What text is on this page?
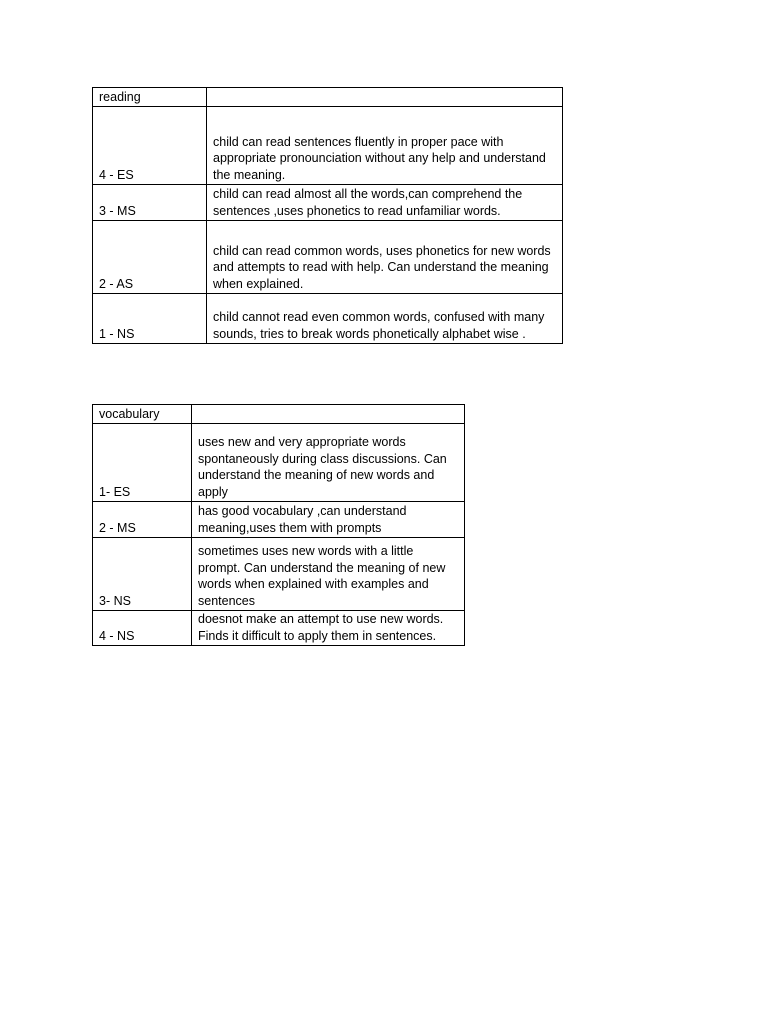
reading	
4 - ES	child can read sentences fluently in proper pace with appropriate pronounciation without any help and understand the meaning.
3 - MS	child can read almost all the words,can comprehend the sentences ,uses phonetics to read unfamiliar words.
2 - AS	child can read common words, uses phonetics for new words and attempts to read with help. Can understand the meaning when explained.
1 - NS	child cannot read even common words, confused with many sounds, tries to break words phonetically alphabet wise .
vocabulary	
1- ES	uses new and very appropriate words spontaneously during class discussions. Can understand the meaning of new words and apply
2 - MS	has good vocabulary ,can understand meaning,uses them with prompts
3- NS	sometimes uses new words with a little prompt. Can understand the meaning of new words when explained with examples and sentences
4 - NS	doesnot make an attempt to use new words. Finds it difficult to apply them in sentences.
